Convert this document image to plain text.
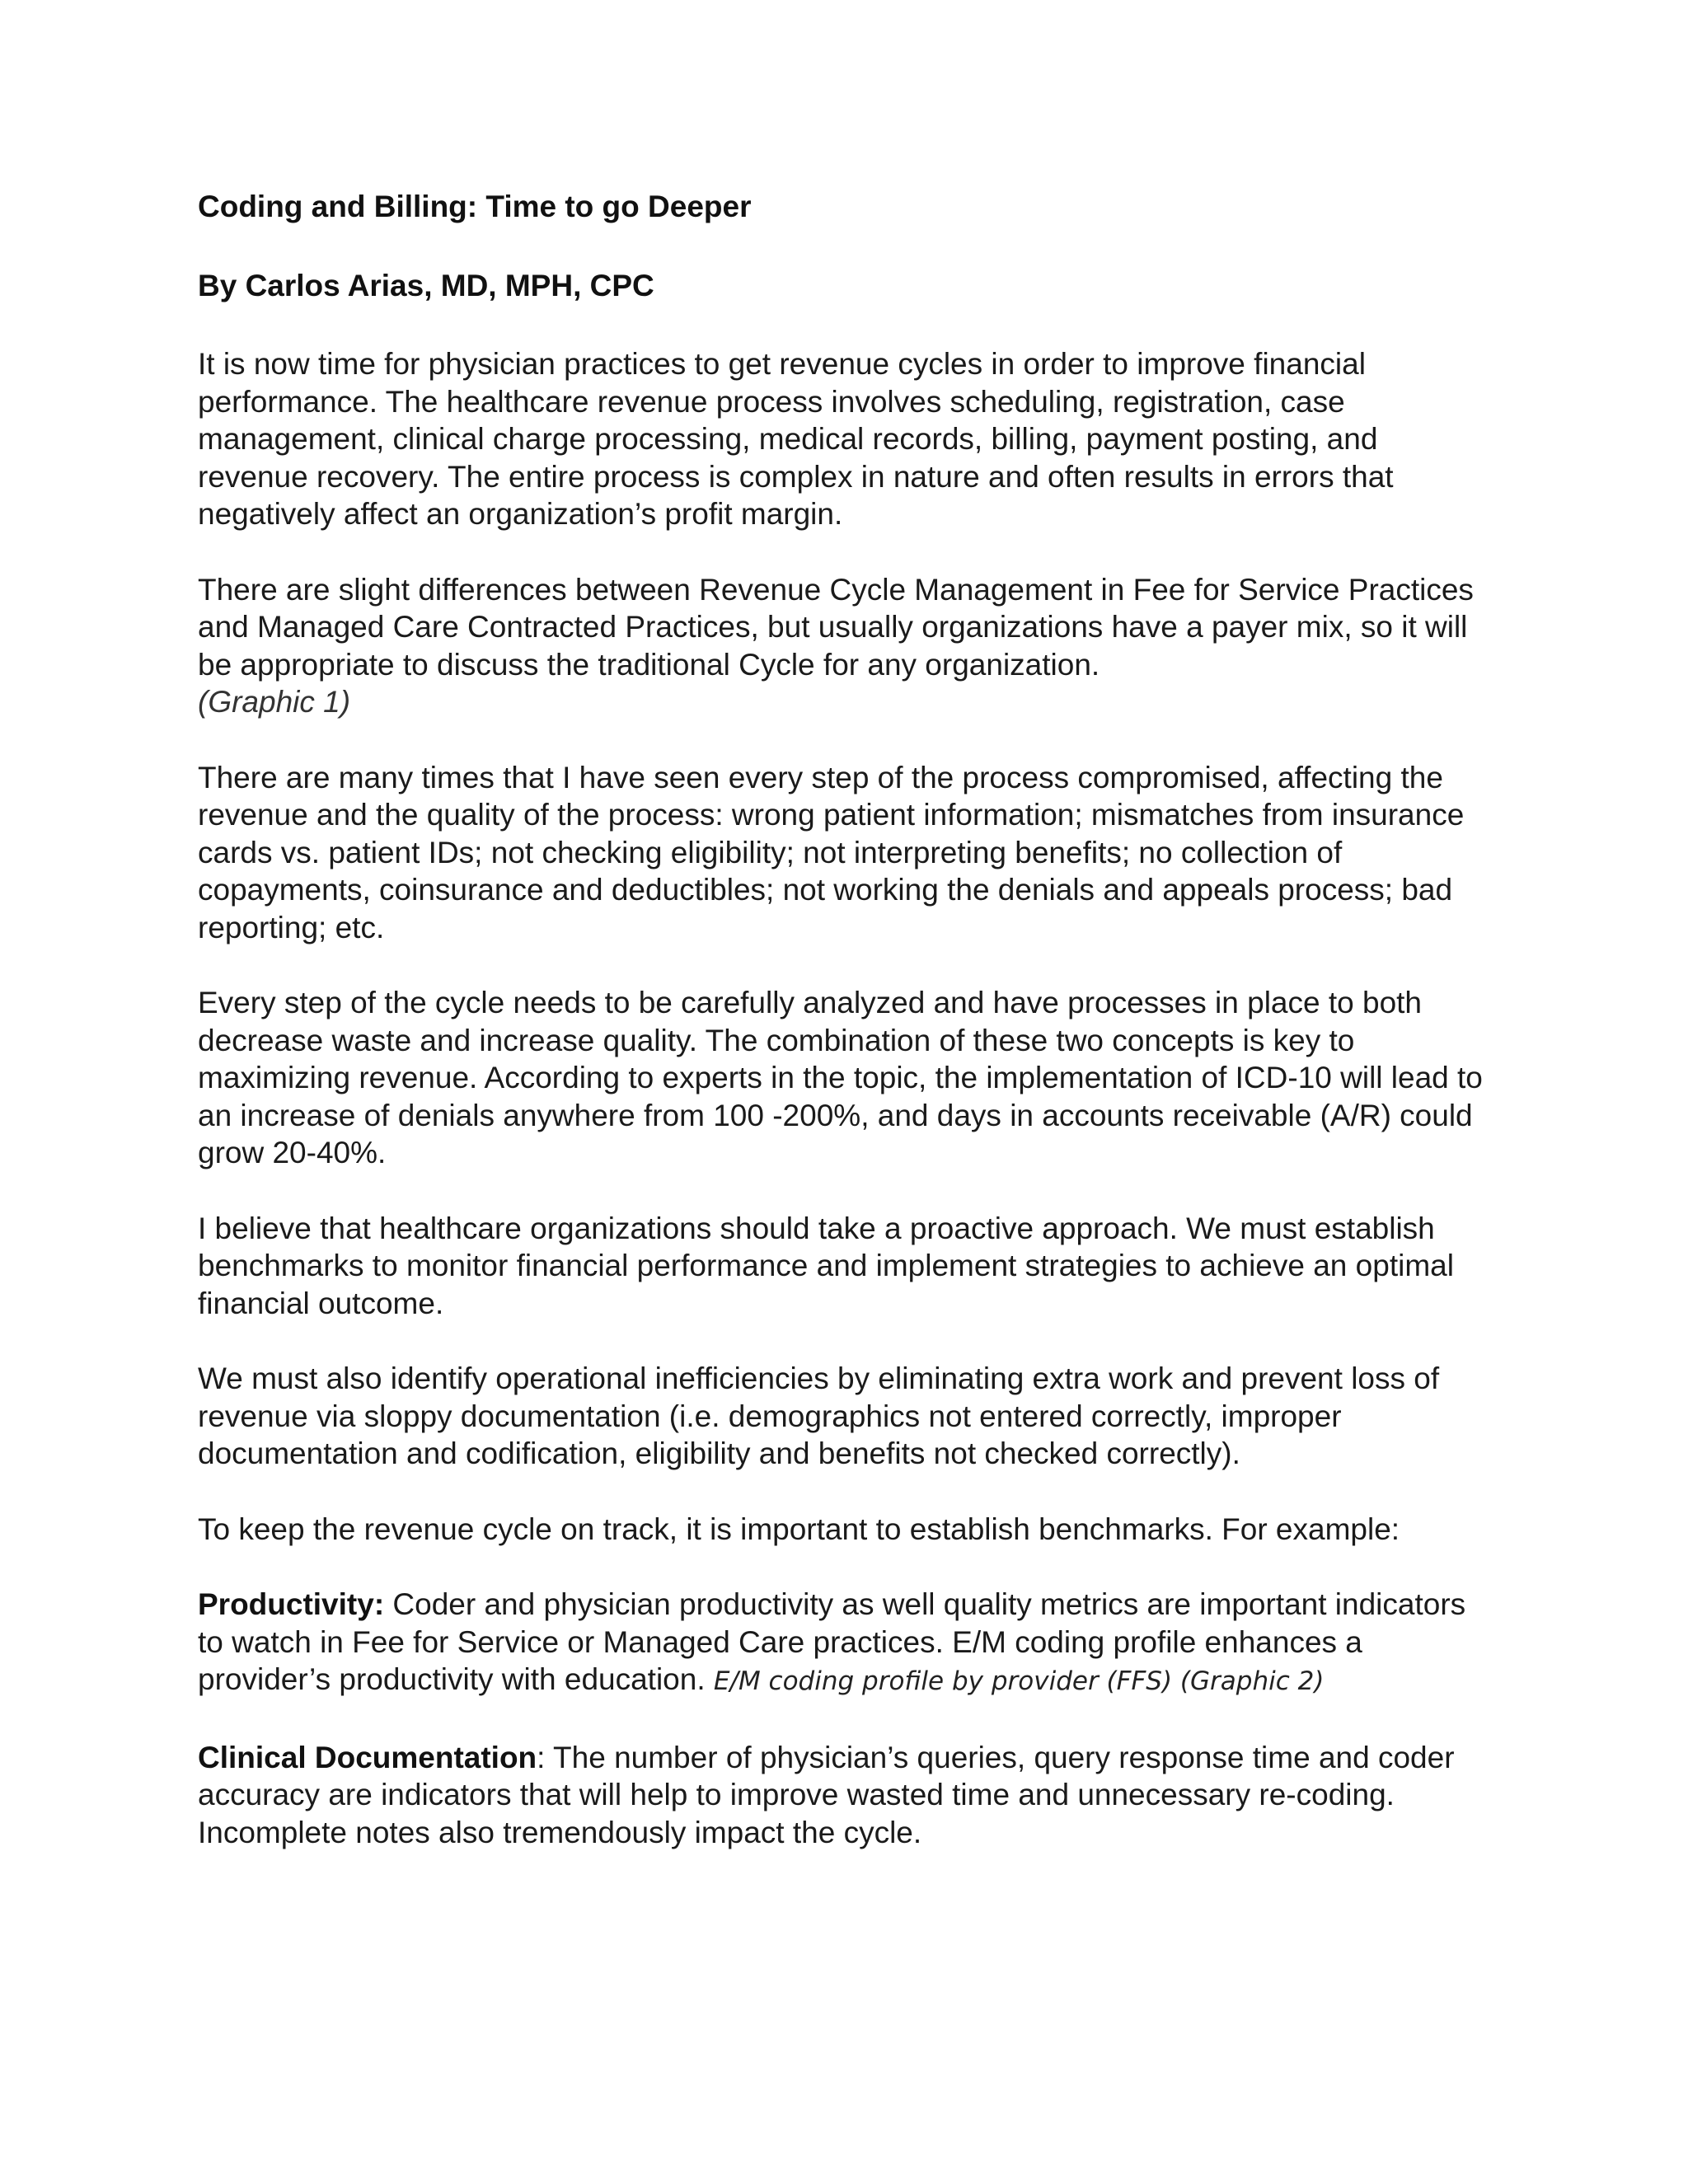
Coding and Billing: Time to go Deeper

By Carlos Arias, MD, MPH, CPC

It is now time for physician practices to get revenue cycles in order to improve financial performance. The healthcare revenue process involves scheduling, registration, case management, clinical charge processing, medical records, billing, payment posting, and revenue recovery. The entire process is complex in nature and often results in errors that negatively affect an organization’s profit margin.

There are slight differences between Revenue Cycle Management in Fee for Service Practices and Managed Care Contracted Practices, but usually organizations have a payer mix, so it will be appropriate to discuss the traditional Cycle for any organization.
(Graphic 1)

There are many times that I have seen every step of the process compromised, affecting the revenue and the quality of the process: wrong patient information; mismatches from insurance cards vs. patient IDs; not checking eligibility; not interpreting benefits; no collection of copayments, coinsurance and deductibles; not working the denials and appeals process; bad reporting; etc.

Every step of the cycle needs to be carefully analyzed and have processes in place to both decrease waste and increase quality. The combination of these two concepts is key to maximizing revenue. According to experts in the topic, the implementation of ICD-10 will lead to an increase of denials anywhere from 100 -200%, and days in accounts receivable (A/R) could grow 20-40%.

I believe that healthcare organizations should take a proactive approach. We must establish benchmarks to monitor financial performance and implement strategies to achieve an optimal financial outcome.

We must also identify operational inefficiencies by eliminating extra work and prevent loss of revenue via sloppy documentation (i.e. demographics not entered correctly, improper documentation and codification, eligibility and benefits not checked correctly).

To keep the revenue cycle on track, it is important to establish benchmarks. For example:

Productivity: Coder and physician productivity as well quality metrics are important indicators to watch in Fee for Service or Managed Care practices. E/M coding profile enhances a provider’s productivity with education. E/M coding profile by provider (FFS) (Graphic 2)

Clinical Documentation: The number of physician’s queries, query response time and coder accuracy are indicators that will help to improve wasted time and unnecessary re-coding. Incomplete notes also tremendously impact the cycle.
